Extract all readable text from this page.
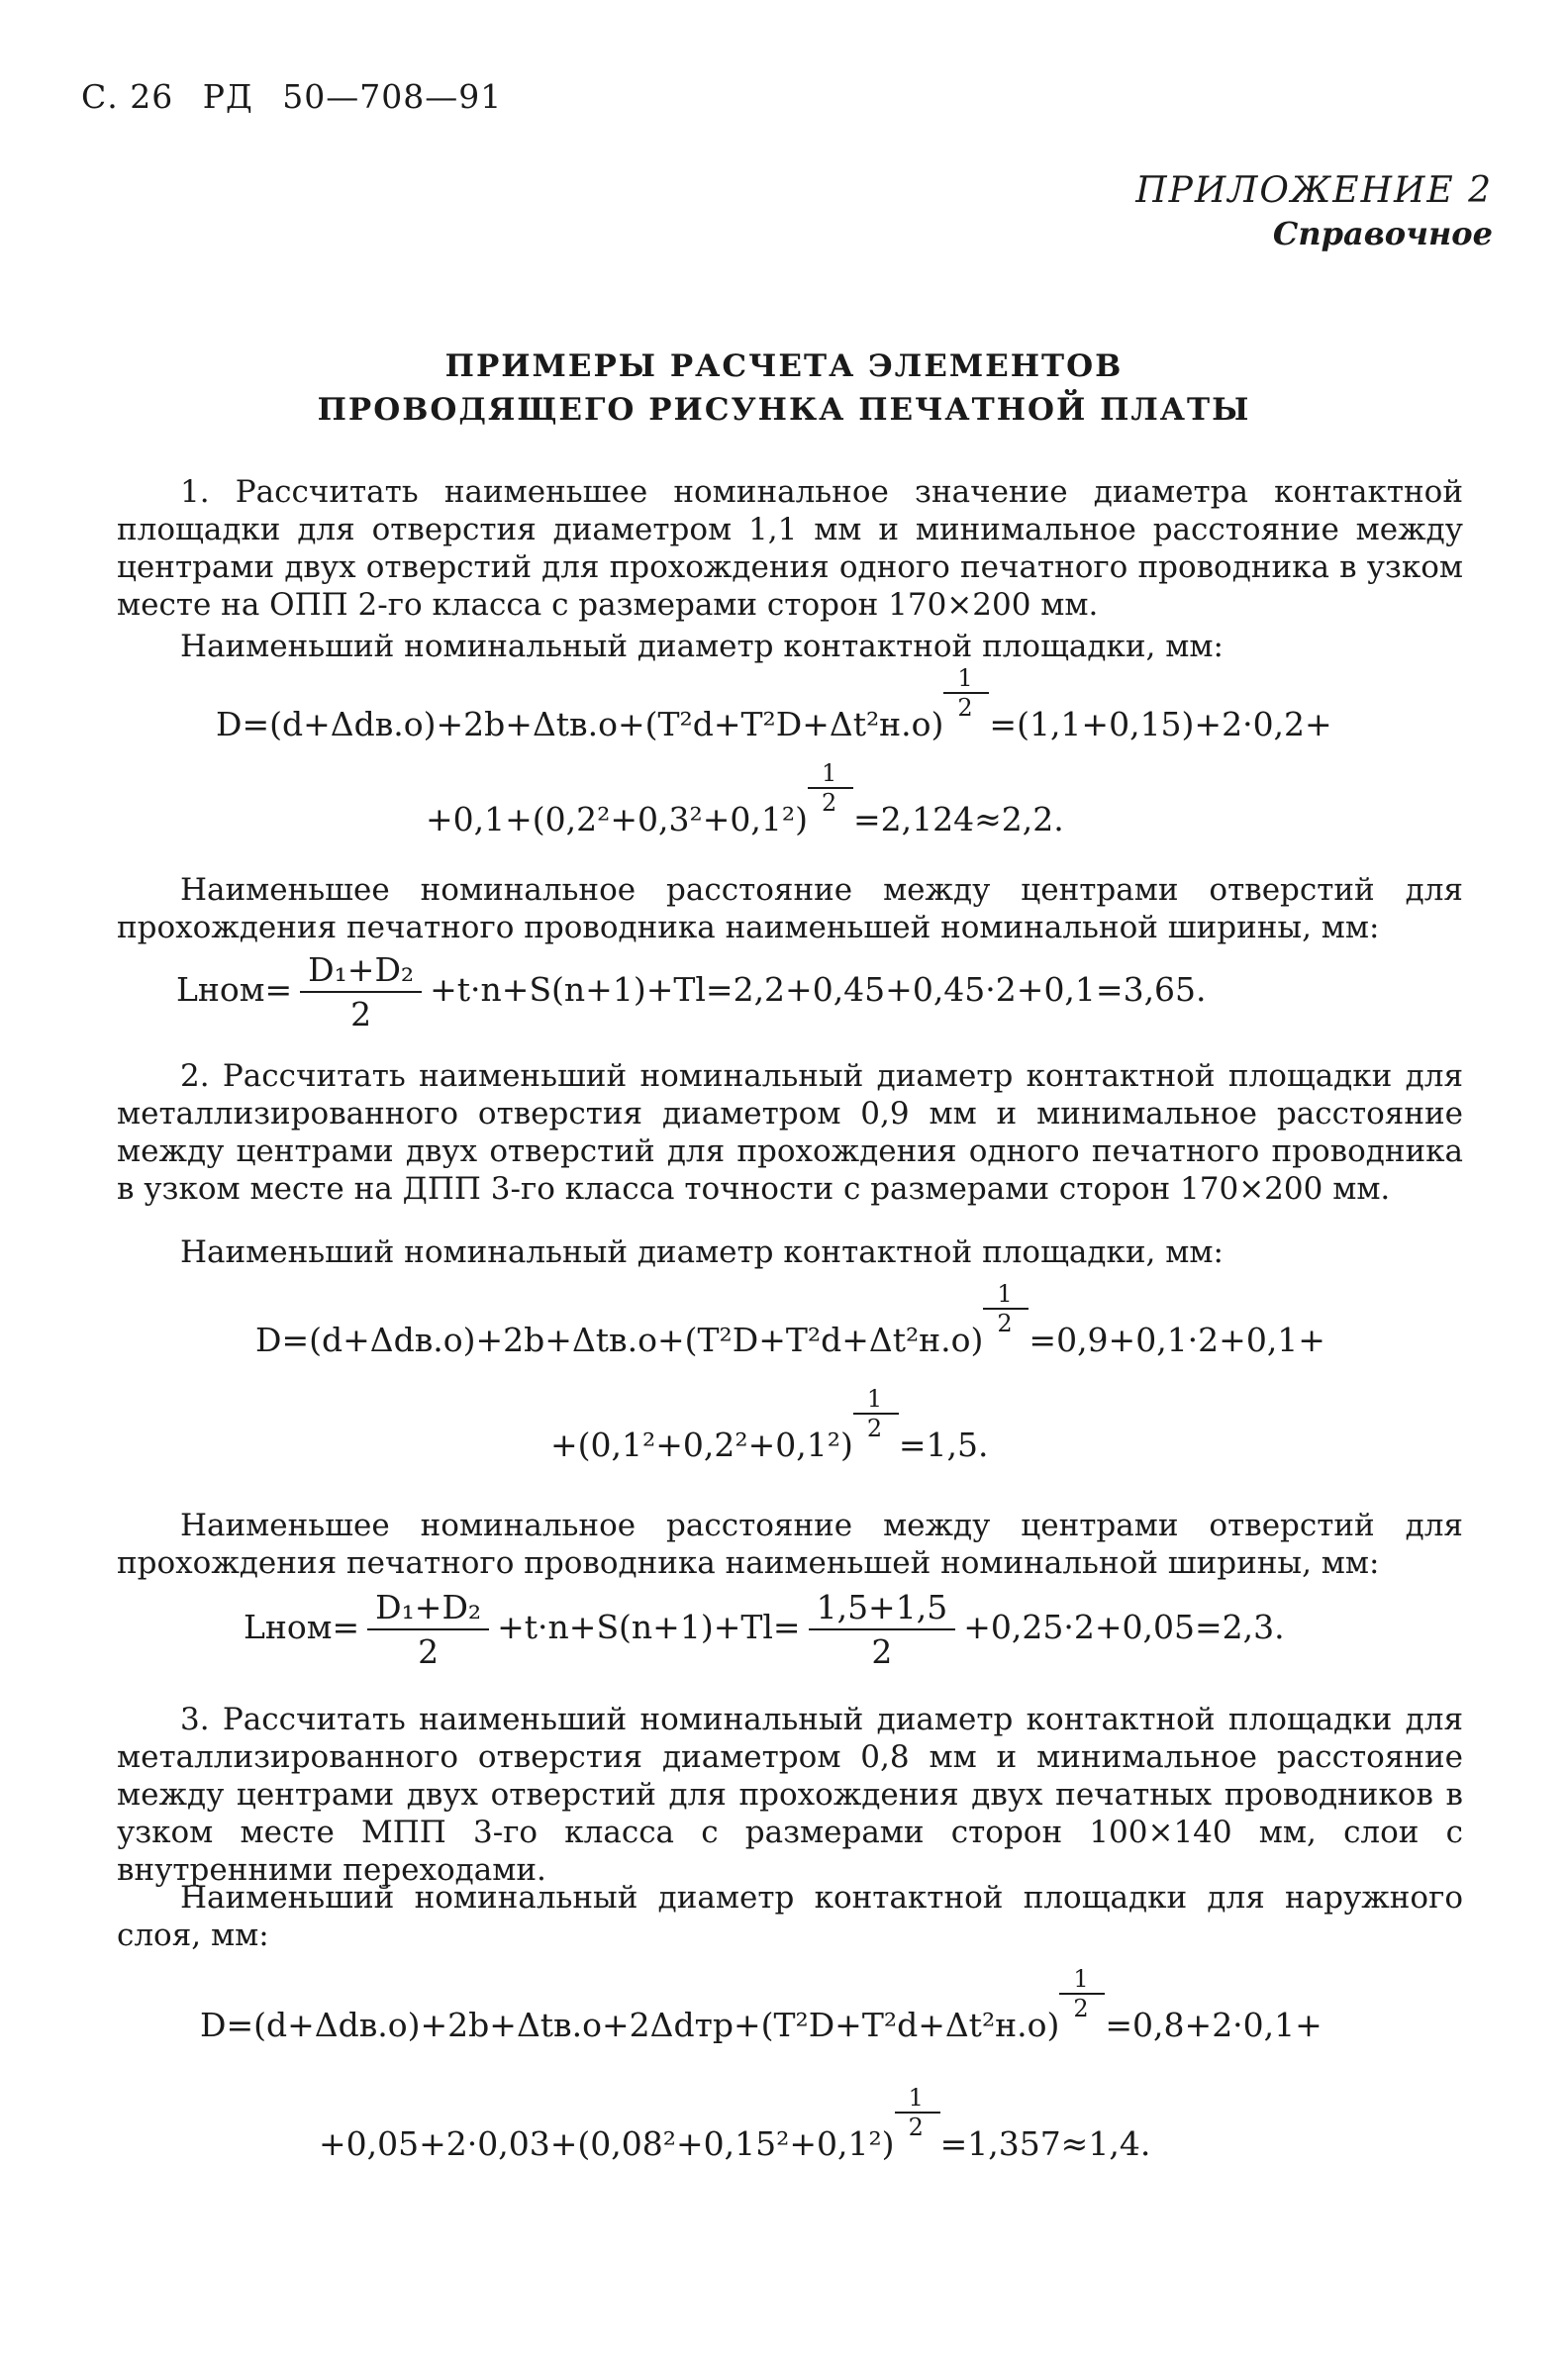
С. 26 РД 50—708—91
ПРИЛОЖЕНИЕ 2
Справочное
ПРИМЕРЫ РАСЧЕТА ЭЛЕМЕНТОВ
ПРОВОДЯЩЕГО РИСУНКА ПЕЧАТНОЙ ПЛАТЫ
1. Рассчитать наименьшее номинальное значение диаметра контактной площадки для отверстия диаметром 1,1 мм и минимальное расстояние между центрами двух отверстий для прохождения одного печатного проводника в узком месте на ОПП 2-го класса с размерами сторон 170×200 мм.
Наименьший номинальный диаметр контактной площадки, мм:
$D=(d+\Delta dв.о)+2b+\Delta tв.о+(T^2d+T^2D+\Delta t^2н.о) \frac{1}{2} =(1,1+0,15)+2\cdot 0,2+$
$+0,1+(0,2^2+0,3^2+0,1^2) \frac{1}{2} =2,124\approx 2,2$.
Наименьшее номинальное расстояние между центрами отверстий для прохождения печатного проводника наименьшей номинальной ширины, мм:
Lном= $\frac{\text{D₁+D₂}}{2} +t\cdot n+S(n+1)+Tl=2,2+0,45+0,45\cdot 2+0,1=3,65$.
2. Рассчитать наименьший номинальный диаметр контактной площадки для металлизированного отверстия диаметром 0,9 мм и минимальное расстояние между центрами двух отверстий для прохождения одного печатного проводника в узком месте на ДПП 3-го класса точности с размерами сторон 170×200 мм.
Наименьший номинальный диаметр контактной площадки, мм:
$D=(d+\Delta dв.о)+2b+\Delta tв.о+(T^2D+T^2d+\Delta t^2н.о) \frac{1}{2} =0,9+0,1\cdot 2+0,1+$
$+(0,1^2+0,2^2+0,1^2) \frac{1}{2} =1,5$.
Наименьшее номинальное расстояние между центрами отверстий для прохождения печатного проводника наименьшей номинальной ширины, мм:
Lном= $\frac{\text{D₁+D₂}}{2} +t\cdot n+S(n+1)+Tl= \frac{1,5+1,5}{2} +0,25\cdot 2+0,05=2,3$.
3. Рассчитать наименьший номинальный диаметр контактной площадки для металлизированного отверстия диаметром 0,8 мм и минимальное расстояние между центрами двух отверстий для прохождения двух печатных проводников в узком месте МПП 3-го класса с размерами сторон 100×140 мм, слои с внутренними переходами.
Наименьший номинальный диаметр контактной площадки для наружного слоя, мм:
$D=(d+\Delta dв.о)+2b+\Delta tв.о+2\Delta dтр+(T^2D+T^2d+\Delta t^2н.о) \frac{1}{2} =0,8+2\cdot 0,1+$
$+0,05+2\cdot 0,03+(0,08^2+0,15^2+0,1^2) \frac{1}{2} =1,357\approx 1,4$.
